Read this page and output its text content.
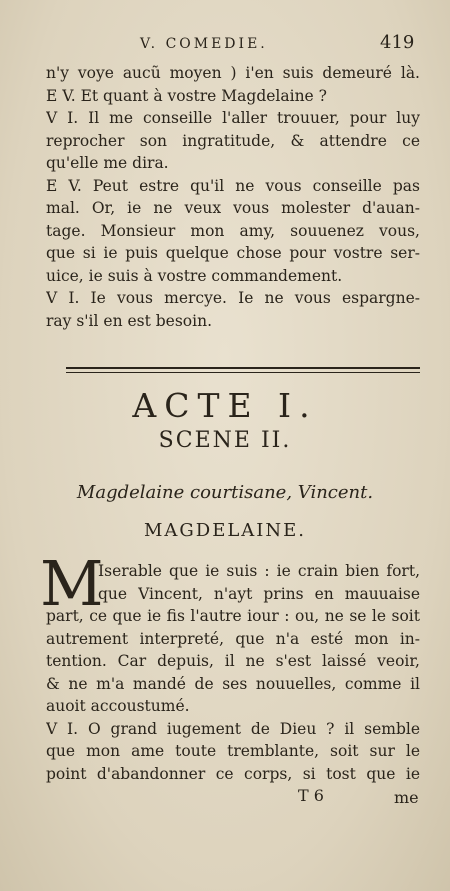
V. COMEDIE.	419
n'y voye aucũ moyen ) i'en suis demeuré là.
E V. Et quant à vostre Magdelaine ?
V I. Il me conseille l'aller trouuer, pour luy
reprocher son ingratitude, & attendre ce
qu'elle me dira.
E V. Peut estre qu'il ne vous conseille pas
mal. Or, ie ne veux vous molester d'auan-
tage. Monsieur mon amy, souuenez vous,
que si ie puis quelque chose pour vostre ser-
uice, ie suis à vostre commandement.
V I. Ie vous mercye. Ie ne vous espargne-
ray s'il en est besoin.
ACTE I.
SCENE II.
Magdelaine courtisane, Vincent.
MAGDELAINE.
M
Iserable que ie suis : ie crain bien fort,
que Vincent, n'ayt prins en mauuaise
part, ce que ie fis l'autre iour : ou, ne se le soit
autrement interpreté, que n'a esté mon in-
tention. Car depuis, il ne s'est laissé veoir,
& ne m'a mandé de ses nouuelles, comme il
auoit accoustumé.
V I. O grand iugement de Dieu ? il semble
que mon ame toute tremblante, soit sur le
point d'abandonner ce corps, si tost que ie
T 6	me
